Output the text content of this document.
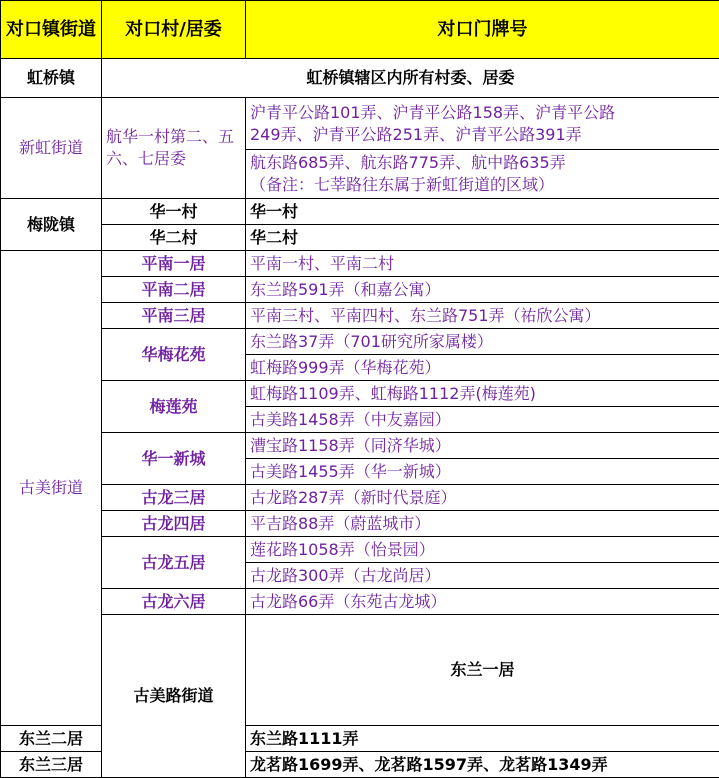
对口镇街道	对口村/居委	对口门牌号	
虹桥镇	虹桥镇辖区内所有村委、居委		
新虹街道	航华一村第二、五六、七居委	沪青平公路101弄、沪青平公路158弄、沪青平公路
249弄、沪青平公路251弄、沪青平公路391弄	

		航东路685弄、航东路775弄、航中路635弄
（备注：七莘路往东属于新虹街道的区域）	

梅陇镇	华一村	华一村	
	华二村	华二村	
古美街道	平南一居	平南一村、平南二村	
	平南二居	东兰路591弄（和嘉公寓）	
	平南三居	平南三村、平南四村、东兰路751弄（祐欣公寓）	
	华梅花苑	东兰路37弄（701研究所家属楼）	
		虹梅路999弄（华梅花苑）	
	梅莲苑	虹梅路1109弄、虹梅路1112弄(梅莲苑)	
		古美路1458弄（中友嘉园）	
	华一新城	漕宝路1158弄（同济华城）	
		古美路1455弄（华一新城）	
	古龙三居	古龙路287弄（新时代景庭）	
	古龙四居	平吉路88弄（蔚蓝城市）	
	古龙五居	莲花路1058弄（怡景园）	
		古龙路300弄（古龙尚居）	
	古龙六居	古龙路66弄（东苑古龙城）	
	古美路街道	东兰一居	
东兰二居		东兰路1111弄	
东兰三居		龙茗路1699弄、龙茗路1597弄、龙茗路1349弄	
